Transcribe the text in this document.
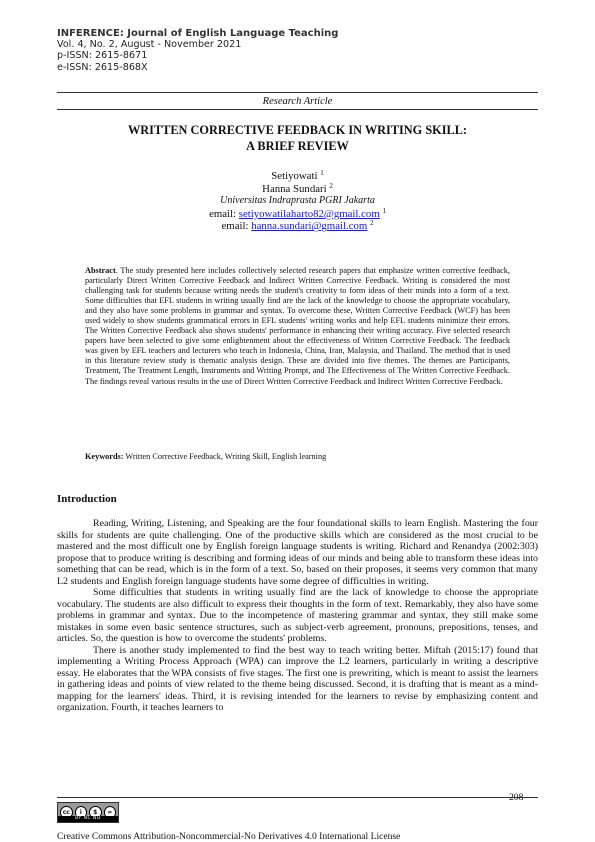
INFERENCE: Journal of English Language Teaching
Vol. 4, No. 2, August - November 2021
p-ISSN: 2615-8671
e-ISSN: 2615-868X
Research Article
WRITTEN CORRECTIVE FEEDBACK IN WRITING SKILL:
A BRIEF REVIEW
Setiyowati $^1$
Hanna Sundari $^2$
Universitas Indraprasta PGRI Jakarta
email: setiyowatilaharto82@gmail.com $^1$
email: hanna.sundari@gmail.com $^2$
Abstract. The study presented here includes collectively selected research papers that emphasize written corrective feedback, particularly Direct Written Corrective Feedback and Indirect Written Corrective Feedback. Writing is considered the most challenging task for students because writing needs the student's creativity to form ideas of their minds into a form of a text. Some difficulties that EFL students in writing usually find are the lack of the knowledge to choose the appropriate vocabulary, and they also have some problems in grammar and syntax. To overcome these, Written Corrective Feedback (WCF) has been used widely to show students grammatical errors in EFL students' writing works and help EFL students minimize their errors. The Written Corrective Feedback also shows students' performance in enhancing their writing accuracy. Five selected research papers have been selected to give some enlightenment about the effectiveness of Written Corrective Feedback. The feedback was given by EFL teachers and lecturers who teach in Indonesia, China, Iran, Malaysia, and Thailand. The method that is used in this literature review study is thematic analysis design. These are divided into five themes. The themes are Participants, Treatment, The Treatment Length, Instruments and Writing Prompt, and The Effectiveness of The Written Corrective Feedback. The findings reveal various results in the use of Direct Written Corrective Feedback and Indirect Written Corrective Feedback.
Keywords: Written Corrective Feedback, Writing Skill, English learning
Introduction

Reading, Writing, Listening, and Speaking are the four foundational skills to learn English. Mastering the four skills for students are quite challenging. One of the productive skills which are considered as the most crucial to be mastered and the most difficult one by English foreign language students is writing. Richard and Renandya (2002:303) propose that to produce writing is describing and forming ideas of our minds and being able to transform these ideas into something that can be read, which is in the form of a text. So, based on their proposes, it seems very common that many L2 students and English foreign language students have some degree of difficulties in writing.

Some difficulties that students in writing usually find are the lack of knowledge to choose the appropriate vocabulary. The students are also difficult to express their thoughts in the form of text. Remarkably, they also have some problems in grammar and syntax. Due to the incompetence of mastering grammar and syntax, they still make some mistakes in some even basic sentence structures, such as subject-verb agreement, pronouns, prepositions, tenses, and articles. So, the question is how to overcome the students' problems.

There is another study implemented to find the best way to teach writing better. Miftah (2015:17) found that implementing a Writing Process Approach (WPA) can improve the L2 learners, particularly in writing a descriptive essay. He elaborates that the WPA consists of five stages. The first one is prewriting, which is meant to assist the learners in gathering ideas and points of view related to the theme being discussed. Second, it is drafting that is meant as a mind-mapping for the learners' ideas. Third, it is revising intended for the learners to revise by emphasizing content and organization. Fourth, it teaches learners to

cc	i	$	=
BY NC ND
208
Creative Commons Attribution-Noncommercial-No Derivatives 4.0 International License
